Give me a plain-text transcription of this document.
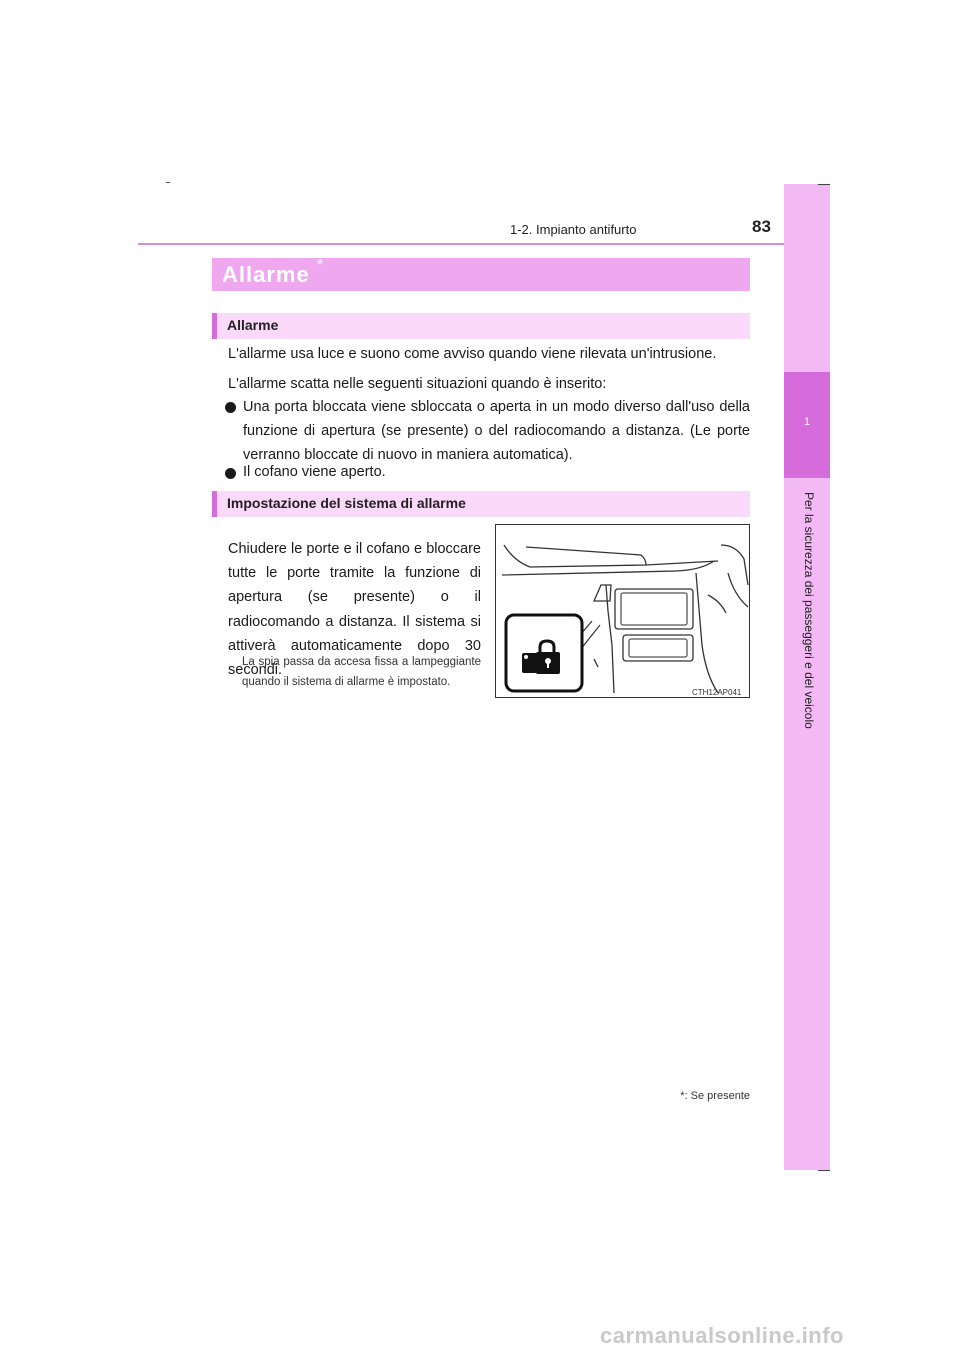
1-2. Impianto antifurto	83
1
Per la sicurezza dei passeggeri e del veicolo
Allarme *
Allarme
L'allarme usa luce e suono come avviso quando viene rilevata un'intrusione.
L'allarme scatta nelle seguenti situazioni quando è inserito:
Una porta bloccata viene sbloccata o aperta in un modo diverso dall'uso della funzione di apertura (se presente) o del radiocomando a distanza. (Le porte verranno bloccate di nuovo in maniera automatica).
Il cofano viene aperto.
Impostazione del sistema di allarme
Chiudere le porte e il cofano e bloccare tutte le porte tramite la funzione di apertura (se presente) o il radiocomando a distanza. Il sistema si attiverà automaticamente dopo 30 secondi.
La spia passa da accesa fissa a lampeggiante quando il sistema di allarme è impostato.
CTH12AP041
*: Se presente
carmanualsonline.info
